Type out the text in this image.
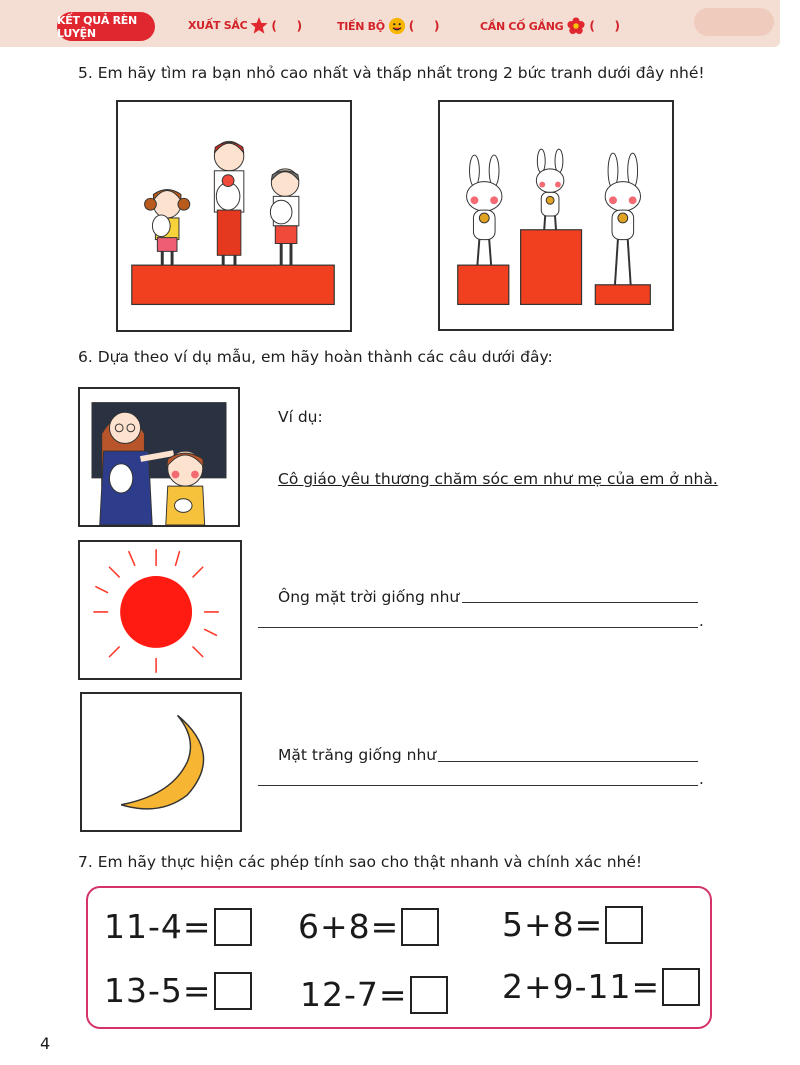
KẾT QUẢ RÈN LUYỆN
XUẤT SẮC ( )	TIẾN BỘ ( )	CẦN CỐ GẮNG ( )
5. Em hãy tìm ra bạn nhỏ cao nhất và thấp nhất trong 2 bức tranh dưới đây nhé!
6. Dựa theo ví dụ mẫu, em hãy hoàn thành các câu dưới đây:
Ví dụ:
Cô giáo yêu thương chăm sóc em như mẹ của em ở nhà.
Ông mặt trời giống như
.
Mặt trăng giống như
.
7. Em hãy thực hiện các phép tính sao cho thật nhanh và chính xác nhé!
11-4=	6+8=	5+8=
13-5=	12-7=	2+9-11=
4
